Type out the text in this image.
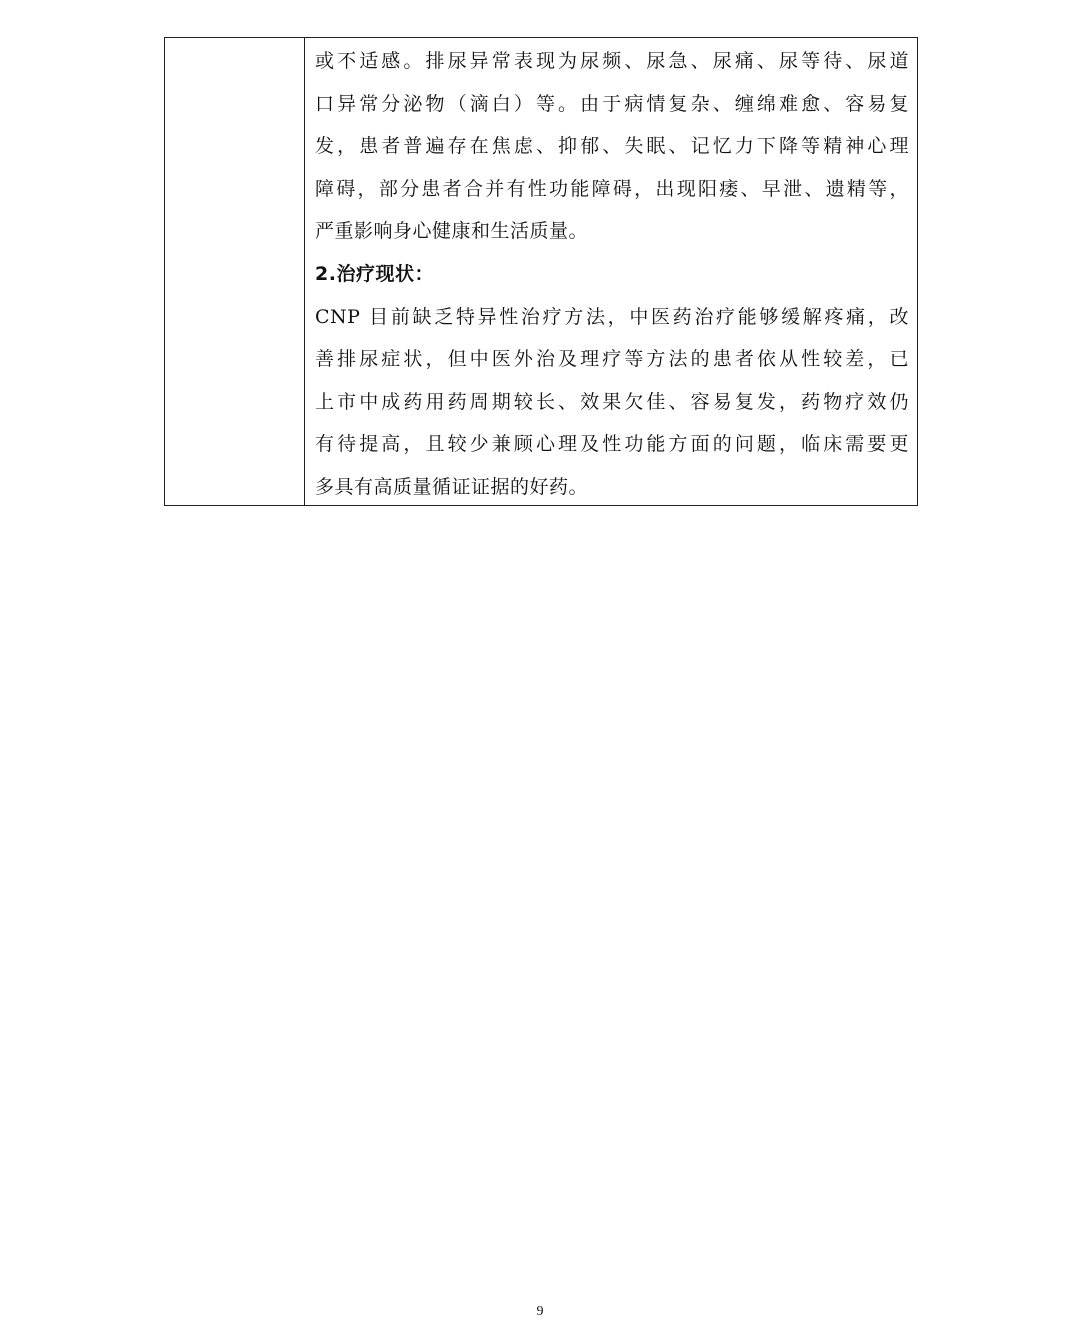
或不适感。排尿异常表现为尿频、尿急、尿痛、尿等待、尿道
口异常分泌物（滴白）等。由于病情复杂、缠绵难愈、容易复
发，患者普遍存在焦虑、抑郁、失眠、记忆力下降等精神心理
障碍，部分患者合并有性功能障碍，出现阳痿、早泄、遗精等，
严重影响身心健康和生活质量。
2.治疗现状：
CNP 目前缺乏特异性治疗方法，中医药治疗能够缓解疼痛，改
善排尿症状，但中医外治及理疗等方法的患者依从性较差，已
上市中成药用药周期较长、效果欠佳、容易复发，药物疗效仍
有待提高，且较少兼顾心理及性功能方面的问题，临床需要更
多具有高质量循证证据的好药。
9
